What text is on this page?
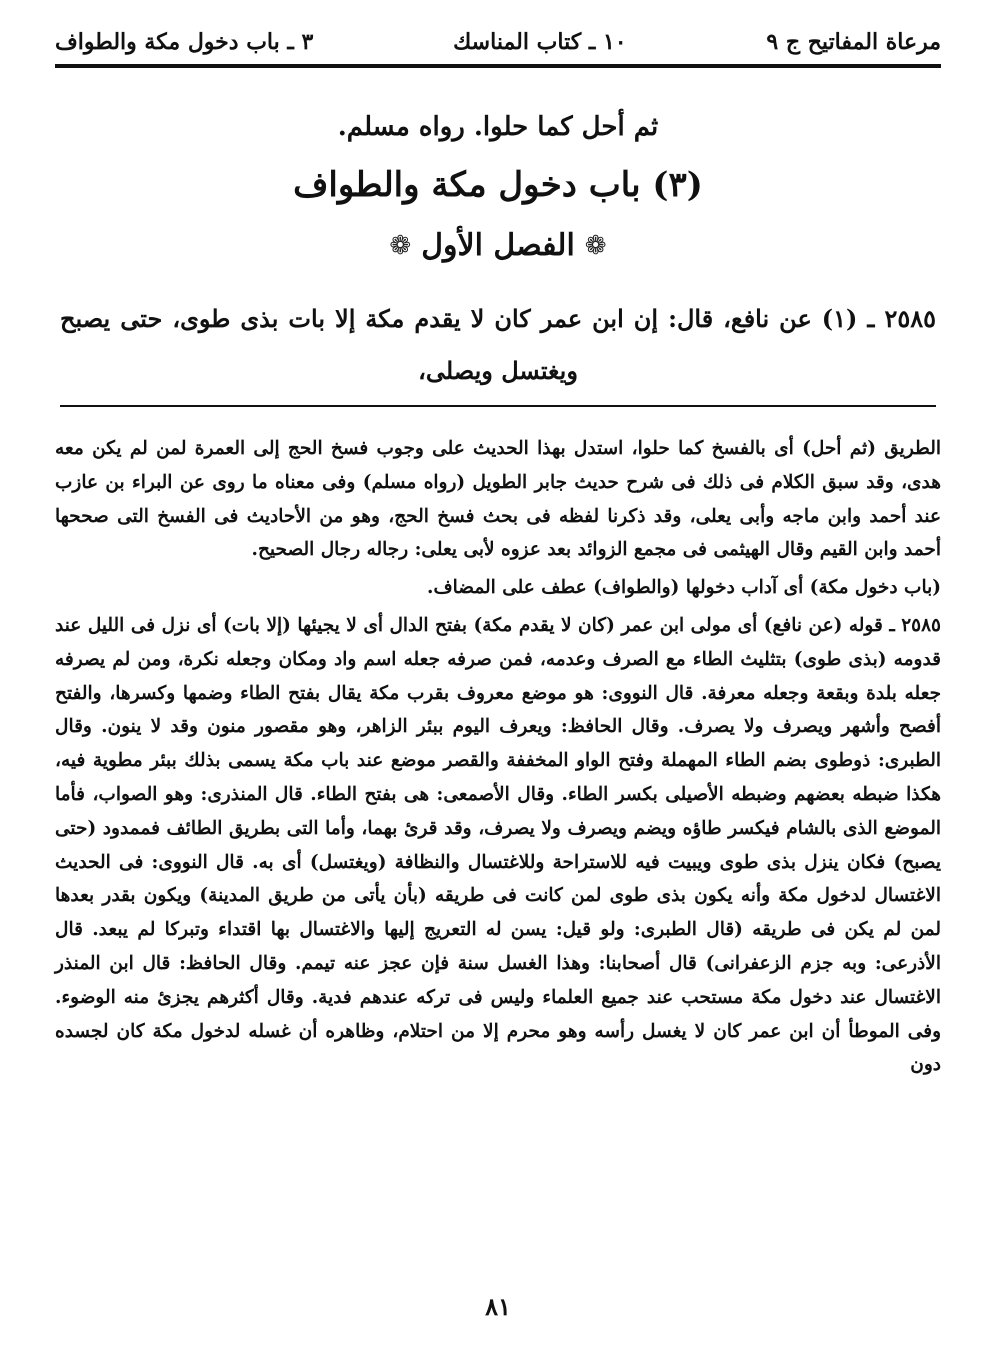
مرعاة المفاتيح ج ٩
١٠ ـ كتاب المناسك
٣ ـ باب دخول مكة والطواف
ثم أحل كما حلوا. رواه مسلم.
(٣) باب دخول مكة والطواف
❁
الفصل الأول
❁
٢٥٨٥ ـ (١) عن نافع، قال: إن ابن عمر كان لا يقدم مكة إلا بات بذى طوى، حتى يصبح ويغتسل ويصلى،

الطريق (ثم أحل) أى بالفسخ كما حلوا، استدل بهذا الحديث على وجوب فسخ الحج إلى العمرة لمن لم يكن معه هدى، وقد سبق الكلام فى ذلك فى شرح حديث جابر الطويل (رواه مسلم) وفى معناه ما روى عن البراء بن عازب عند أحمد وابن ماجه وأبى يعلى، وقد ذكرنا لفظه فى بحث فسخ الحج، وهو من الأحاديث فى الفسخ التى صححها أحمد وابن القيم وقال الهيثمى فى مجمع الزوائد بعد عزوه لأبى يعلى: رجاله رجال الصحيح.

(باب دخول مكة) أى آداب دخولها (والطواف) عطف على المضاف.

٢٥٨٥ ـ قوله (عن نافع) أى مولى ابن عمر (كان لا يقدم مكة) بفتح الدال أى لا يجيئها (إلا بات) أى نزل فى الليل عند قدومه (بذى طوى) بتثليث الطاء مع الصرف وعدمه، فمن صرفه جعله اسم واد ومكان وجعله نكرة، ومن لم يصرفه جعله بلدة وبقعة وجعله معرفة. قال النووى: هو موضع معروف بقرب مكة يقال بفتح الطاء وضمها وكسرها، والفتح أفصح وأشهر ويصرف ولا يصرف. وقال الحافظ: ويعرف اليوم ببئر الزاهر، وهو مقصور منون وقد لا ينون. وقال الطبرى: ذوطوى بضم الطاء المهملة وفتح الواو المخففة والقصر موضع عند باب مكة يسمى بذلك ببئر مطوية فيه، هكذا ضبطه بعضهم وضبطه الأصيلى بكسر الطاء. وقال الأصمعى: هى بفتح الطاء. قال المنذرى: وهو الصواب، فأما الموضع الذى بالشام فيكسر طاؤه ويضم ويصرف ولا يصرف، وقد قرئ بهما، وأما التى بطريق الطائف فممدود (حتى يصبح) فكان ينزل بذى طوى ويبيت فيه للاستراحة وللاغتسال والنظافة (ويغتسل) أى به. قال النووى: فى الحديث الاغتسال لدخول مكة وأنه يكون بذى طوى لمن كانت فى طريقه (بأن يأتى من طريق المدينة) ويكون بقدر بعدها لمن لم يكن فى طريقه (قال الطبرى: ولو قيل: يسن له التعريج إليها والاغتسال بها اقتداء وتبركا لم يبعد. قال الأذرعى: وبه جزم الزعفرانى) قال أصحابنا: وهذا الغسل سنة فإن عجز عنه تيمم. وقال الحافظ: قال ابن المنذر الاغتسال عند دخول مكة مستحب عند جميع العلماء وليس فى تركه عندهم فدية. وقال أكثرهم يجزئ منه الوضوء. وفى الموطأ أن ابن عمر كان لا يغسل رأسه وهو محرم إلا من احتلام، وظاهره أن غسله لدخول مكة كان لجسده دون

٨١
